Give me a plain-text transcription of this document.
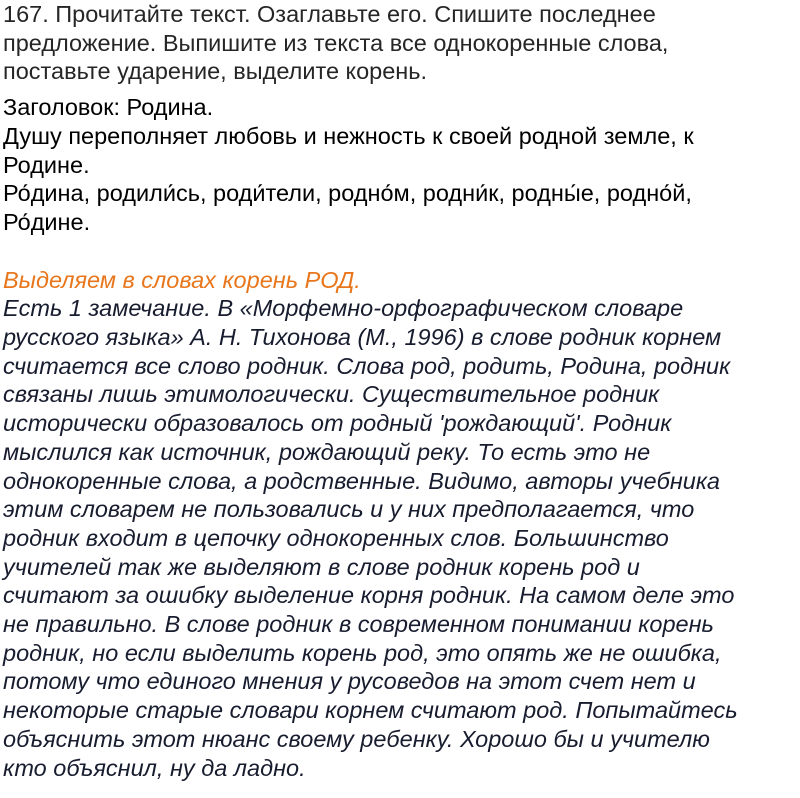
167. Прочитайте текст. Озаглавьте его. Спишите последнее

предложение. Выпишите из текста все однокоренные слова,

поставьте ударение, выделите корень.

Заголовок: Родина.

Душу переполняет любовь и нежность к своей родной земле, к

Родине.

Ро́дина, родили́сь, роди́тели, родно́м, родни́к, родны́е, родно́й,

Ро́дине.

Выделяем в словах корень РОД.

Есть 1 замечание. В «Морфемно-орфографическом словаре

русского языка» А. Н. Тихонова (М., 1996) в слове родник корнем

считается все слово родник. Слова род, родить, Родина, родник

связаны лишь этимологически. Существительное родник

исторически образовалось от родный 'рождающий'. Родник

мыслился как источник, рождающий реку. То есть это не

однокоренные слова, а родственные. Видимо, авторы учебника

этим словарем не пользовались и у них предполагается, что

родник входит в цепочку однокоренных слов. Большинство

учителей так же выделяют в слове родник корень род и

считают за ошибку выделение корня родник. На самом деле это

не правильно. В слове родник в современном понимании корень

родник, но если выделить корень род, это опять же не ошибка,

потому что единого мнения у русоведов на этот счет нет и

некоторые старые словари корнем считают род. Попытайтесь

объяснить этот нюанс своему ребенку. Хорошо бы и учителю

кто объяснил, ну да ладно.
